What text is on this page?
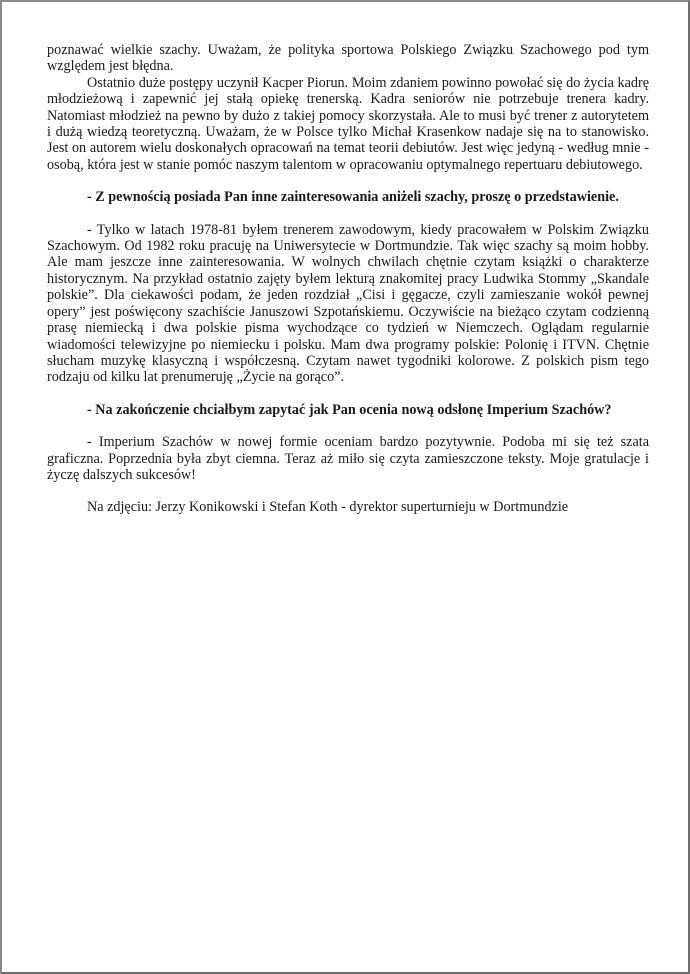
poznawać wielkie szachy. Uważam, że polityka sportowa Polskiego Związku Szachowego pod tym względem jest błędna.

Ostatnio duże postępy uczynił Kacper Piorun. Moim zdaniem powinno powołać się do życia kadrę młodzieżową i zapewnić jej stałą opiekę trenerską. Kadra seniorów nie potrzebuje trenera kadry. Natomiast młodzież na pewno by dużo z takiej pomocy skorzystała. Ale to musi być trener z autorytetem i dużą wiedzą teoretyczną. Uważam, że w Polsce tylko Michał Krasenkow nadaje się na to stanowisko. Jest on autorem wielu doskonałych opracowań na temat teorii debiutów. Jest więc jedyną - według mnie - osobą, która jest w stanie pomóc naszym talentom w opracowaniu optymalnego repertuaru debiutowego.

- Z pewnością posiada Pan inne zainteresowania aniżeli szachy, proszę o przedstawienie.

- Tylko w latach 1978-81 byłem trenerem zawodowym, kiedy pracowałem w Polskim Związku Szachowym. Od 1982 roku pracuję na Uniwersytecie w Dortmundzie. Tak więc szachy są moim hobby. Ale mam jeszcze inne zainteresowania. W wolnych chwilach chętnie czytam książki o charakterze historycznym. Na przykład ostatnio zajęty byłem lekturą znakomitej pracy Ludwika Stommy „Skandale polskie”. Dla ciekawości podam, że jeden rozdział „Cisi i gęgacze, czyli zamieszanie wokół pewnej opery” jest poświęcony szachiście Januszowi Szpotańskiemu. Oczywiście na bieżąco czytam codzienną prasę niemiecką i dwa polskie pisma wychodzące co tydzień w Niemczech. Oglądam regularnie wiadomości telewizyjne po niemiecku i polsku. Mam dwa programy polskie: Polonię i ITVN. Chętnie słucham muzykę klasyczną i współczesną. Czytam nawet tygodniki kolorowe. Z polskich pism tego rodzaju od kilku lat prenumeruję „Życie na gorąco”.

- Na zakończenie chciałbym zapytać jak Pan ocenia nową odsłonę Imperium Szachów?

- Imperium Szachów w nowej formie oceniam bardzo pozytywnie. Podoba mi się też szata graficzna. Poprzednia była zbyt ciemna. Teraz aż miło się czyta zamieszczone teksty. Moje gratulacje i życzę dalszych sukcesów!

Na zdjęciu: Jerzy Konikowski i Stefan Koth - dyrektor superturnieju w Dortmundzie
